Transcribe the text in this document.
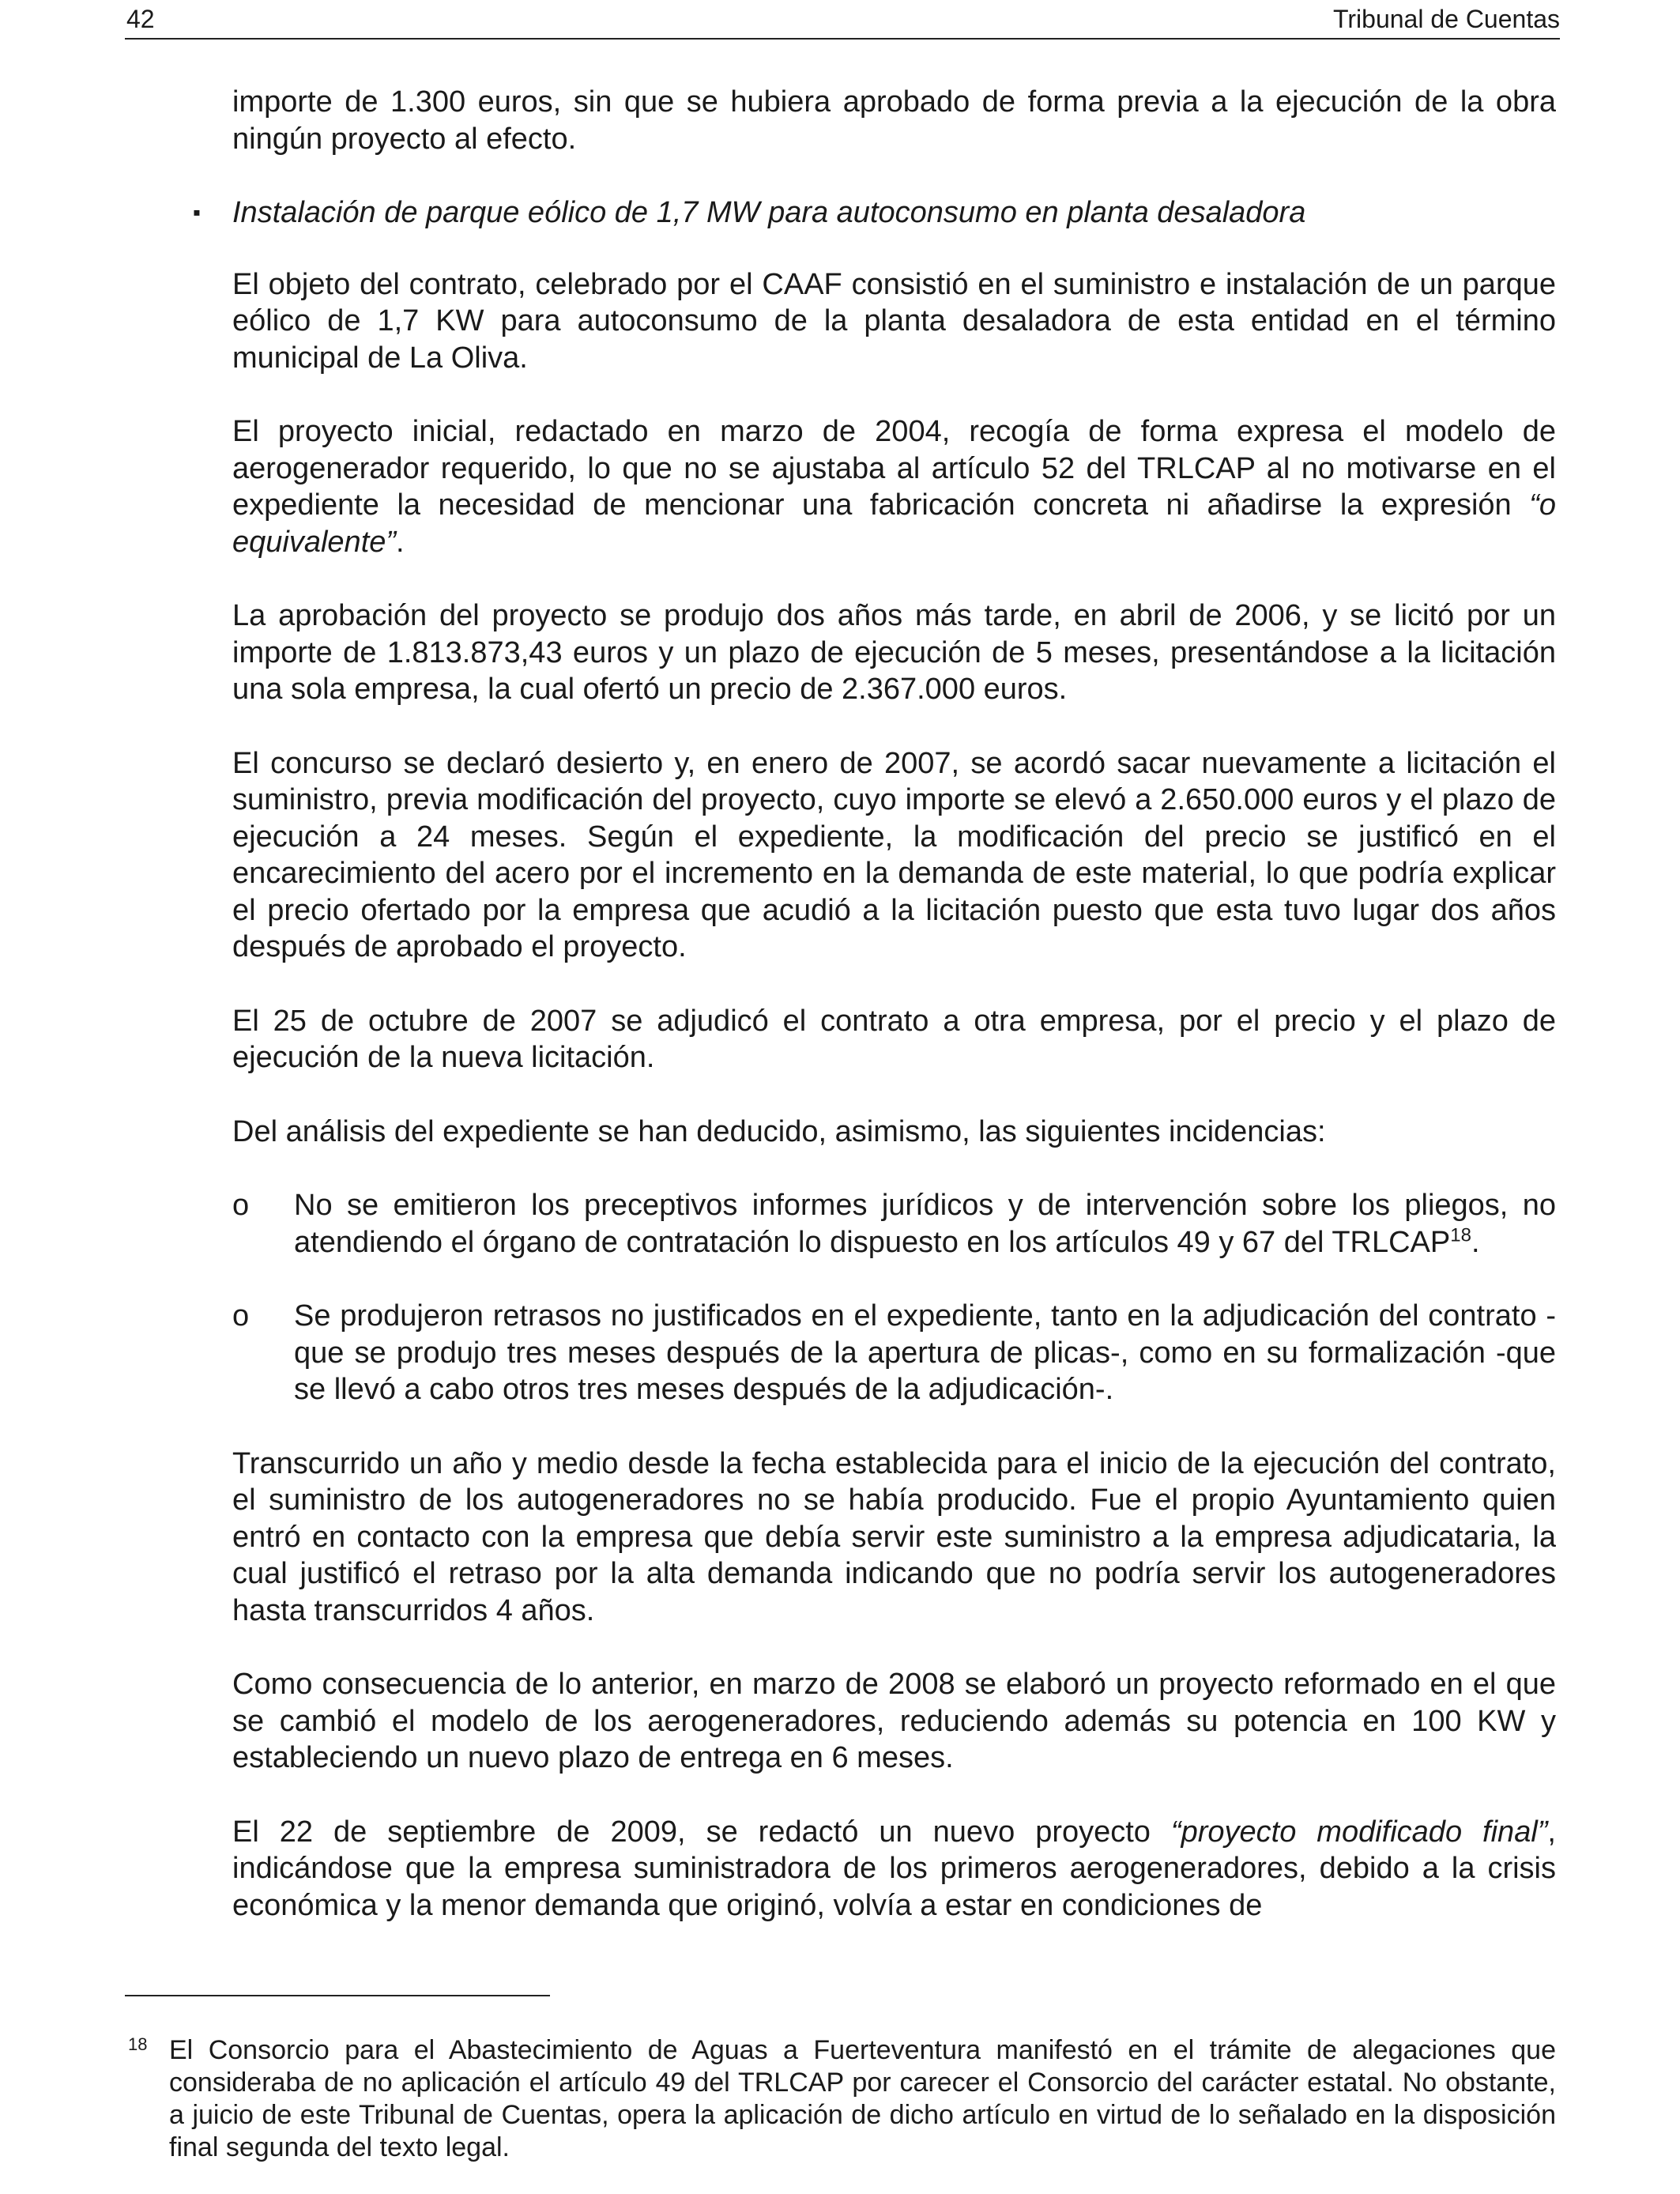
42	Tribunal de Cuentas

importe de 1.300 euros, sin que se hubiera aprobado de forma previa a la ejecución de la obra ningún proyecto al efecto.

▪ Instalación de parque eólico de 1,7 MW para autoconsumo en planta desaladora

El objeto del contrato, celebrado por el CAAF consistió en el suministro e instalación de un parque eólico de 1,7 KW para autoconsumo de la planta desaladora de esta entidad en el término municipal de La Oliva.

El proyecto inicial, redactado en marzo de 2004, recogía de forma expresa el modelo de aerogenerador requerido, lo que no se ajustaba al artículo 52 del TRLCAP al no motivarse en el expediente la necesidad de mencionar una fabricación concreta ni añadirse la expresión “o equivalente”.

La aprobación del proyecto se produjo dos años más tarde, en abril de 2006, y se licitó por un importe de 1.813.873,43 euros y un plazo de ejecución de 5 meses, presentándose a la licitación una sola empresa, la cual ofertó un precio de 2.367.000 euros.

El concurso se declaró desierto y, en enero de 2007, se acordó sacar nuevamente a licitación el suministro, previa modificación del proyecto, cuyo importe se elevó a 2.650.000 euros y el plazo de ejecución a 24 meses. Según el expediente, la modificación del precio se justificó en el encarecimiento del acero por el incremento en la demanda de este material, lo que podría explicar el precio ofertado por la empresa que acudió a la licitación puesto que esta tuvo lugar dos años después de aprobado el proyecto.

El 25 de octubre de 2007 se adjudicó el contrato a otra empresa, por el precio y el plazo de ejecución de la nueva licitación.

Del análisis del expediente se han deducido, asimismo, las siguientes incidencias:

o No se emitieron los preceptivos informes jurídicos y de intervención sobre los pliegos, no atendiendo el órgano de contratación lo dispuesto en los artículos 49 y 67 del TRLCAP$^{18}$.

o Se produjeron retrasos no justificados en el expediente, tanto en la adjudicación del contrato -que se produjo tres meses después de la apertura de plicas-, como en su formalización -que se llevó a cabo otros tres meses después de la adjudicación-.

Transcurrido un año y medio desde la fecha establecida para el inicio de la ejecución del contrato, el suministro de los autogeneradores no se había producido. Fue el propio Ayuntamiento quien entró en contacto con la empresa que debía servir este suministro a la empresa adjudicataria, la cual justificó el retraso por la alta demanda indicando que no podría servir los autogeneradores hasta transcurridos 4 años.

Como consecuencia de lo anterior, en marzo de 2008 se elaboró un proyecto reformado en el que se cambió el modelo de los aerogeneradores, reduciendo además su potencia en 100 KW y estableciendo un nuevo plazo de entrega en 6 meses.

El 22 de septiembre de 2009, se redactó un nuevo proyecto “proyecto modificado final”, indicándose que la empresa suministradora de los primeros aerogeneradores, debido a la crisis económica y la menor demanda que originó, volvía a estar en condiciones de

18 El Consorcio para el Abastecimiento de Aguas a Fuerteventura manifestó en el trámite de alegaciones que consideraba de no aplicación el artículo 49 del TRLCAP por carecer el Consorcio del carácter estatal. No obstante, a juicio de este Tribunal de Cuentas, opera la aplicación de dicho artículo en virtud de lo señalado en la disposición final segunda del texto legal.
